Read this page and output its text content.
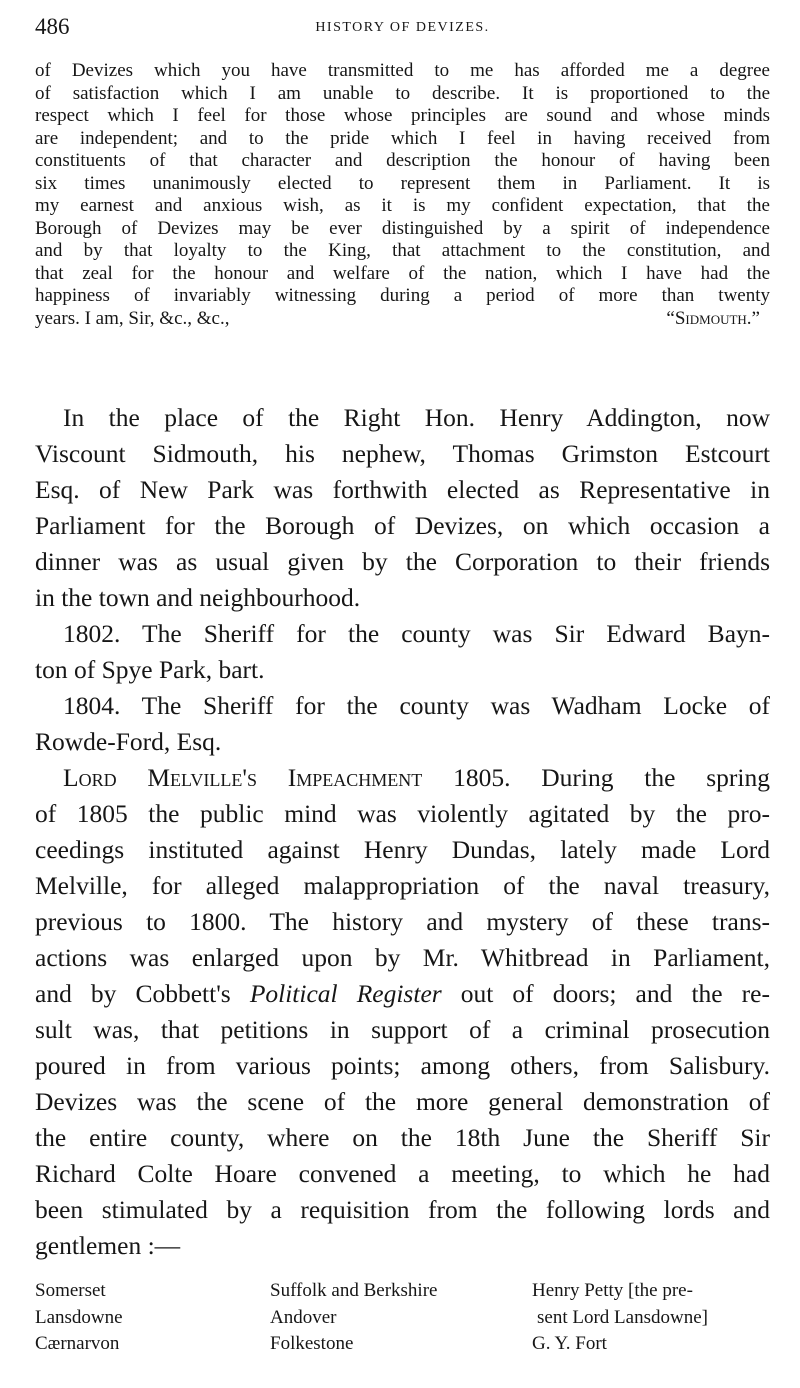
486	HISTORY OF DEVIZES.
of Devizes which you have transmitted to me has afforded me a degree
of satisfaction which I am unable to describe. It is proportioned to the
respect which I feel for those whose principles are sound and whose minds
are independent; and to the pride which I feel in having received from
constituents of that character and description the honour of having been
six times unanimously elected to represent them in Parliament. It is
my earnest and anxious wish, as it is my confident expectation, that the
Borough of Devizes may be ever distinguished by a spirit of independence
and by that loyalty to the King, that attachment to the constitution, and
that zeal for the honour and welfare of the nation, which I have had the
happiness of invariably witnessing during a period of more than twenty
years. I am, Sir, &c., &c.,	“Sidmouth.”
In the place of the Right Hon. Henry Addington, now
Viscount Sidmouth, his nephew, Thomas Grimston Estcourt
Esq. of New Park was forthwith elected as Representative in
Parliament for the Borough of Devizes, on which occasion a
dinner was as usual given by the Corporation to their friends
in the town and neighbourhood.
1802. The Sheriff for the county was Sir Edward Bayn-
ton of Spye Park, bart.
1804. The Sheriff for the county was Wadham Locke of
Rowde-Ford, Esq.
Lord Melville's Impeachment 1805. During the spring
of 1805 the public mind was violently agitated by the pro-
ceedings instituted against Henry Dundas, lately made Lord
Melville, for alleged malappropriation of the naval treasury,
previous to 1800. The history and mystery of these trans-
actions was enlarged upon by Mr. Whitbread in Parliament,
and by Cobbett's Political Register out of doors; and the re-
sult was, that petitions in support of a criminal prosecution
poured in from various points; among others, from Salisbury.
Devizes was the scene of the more general demonstration of
the entire county, where on the 18th June the Sheriff Sir
Richard Colte Hoare convened a meeting, to which he had
been stimulated by a requisition from the following lords and
gentlemen :—
Somerset	Suffolk and Berkshire	Henry Petty [the pre-
Lansdowne	Andover	sent Lord Lansdowne]
Cærnarvon	Folkestone	G. Y. Fort
